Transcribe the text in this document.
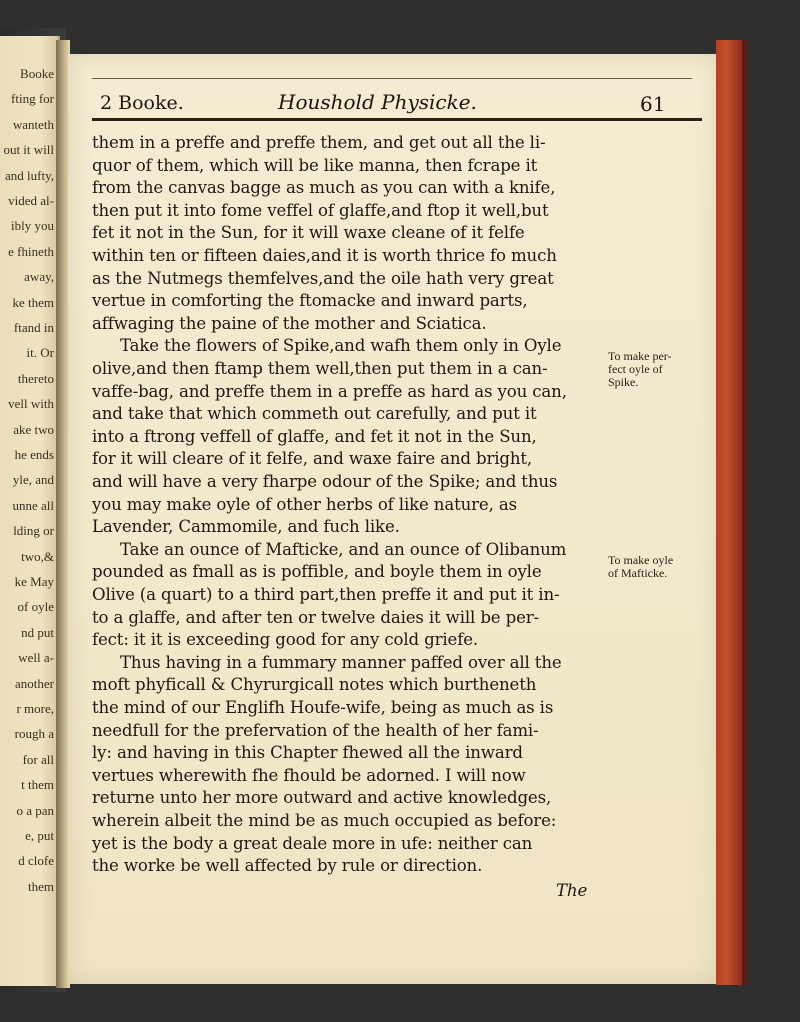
Booke
fting for
wanteth
out it will
and lufty,
vided al-
ibly you
e fhineth
away,
ke them
ftand in
it. Or
thereto
vell with
ake two
he ends
yle, and
unne all
lding or
two,&
ke May
of oyle
nd put
well a-
another
r more,
rough a
for all
t them
o a pan
e, put
d clofe
them
2 Booke.	Houshold Physicke.	61
them in a preffe and preffe them, and get out all the li-
quor of them, which will be like manna, then fcrape it
from the canvas bagge as much as you can with a knife,
then put it into fome veffel of glaffe,and ftop it well,but
fet it not in the Sun, for it will waxe cleane of it felfe
within ten or fifteen daies,and it is worth thrice fo much
as the Nutmegs themfelves,and the oile hath very great
vertue in comforting the ftomacke and inward parts,
affwaging the paine of the mother and Sciatica.
Take the flowers of Spike,and wafh them only in Oyle
olive,and then ftamp them well,then put them in a can-
vaffe-bag, and preffe them in a preffe as hard as you can,
and take that which commeth out carefully, and put it
into a ftrong veffell of glaffe, and fet it not in the Sun,
for it will cleare of it felfe, and waxe faire and bright,
and will have a very fharpe odour of the Spike; and thus
you may make oyle of other herbs of like nature, as
Lavender, Cammomile, and fuch like.
Take an ounce of Mafticke, and an ounce of Olibanum
pounded as fmall as is poffible, and boyle them in oyle
Olive (a quart) to a third part,then preffe it and put it in-
to a glaffe, and after ten or twelve daies it will be per-
fect: it it is exceeding good for any cold griefe.
Thus having in a fummary manner paffed over all the
moft phyficall & Chyrurgicall notes which burtheneth
the mind of our Englifh Houfe-wife, being as much as is
needfull for the prefervation of the health of her fami-
ly: and having in this Chapter fhewed all the inward
vertues wherewith fhe fhould be adorned. I will now
returne unto her more outward and active knowledges,
wherein albeit the mind be as much occupied as before:
yet is the body a great deale more in ufe: neither can
the worke be well affected by rule or direction.
The
To make per-
fect oyle of
Spike.
To make oyle
of Mafticke.
